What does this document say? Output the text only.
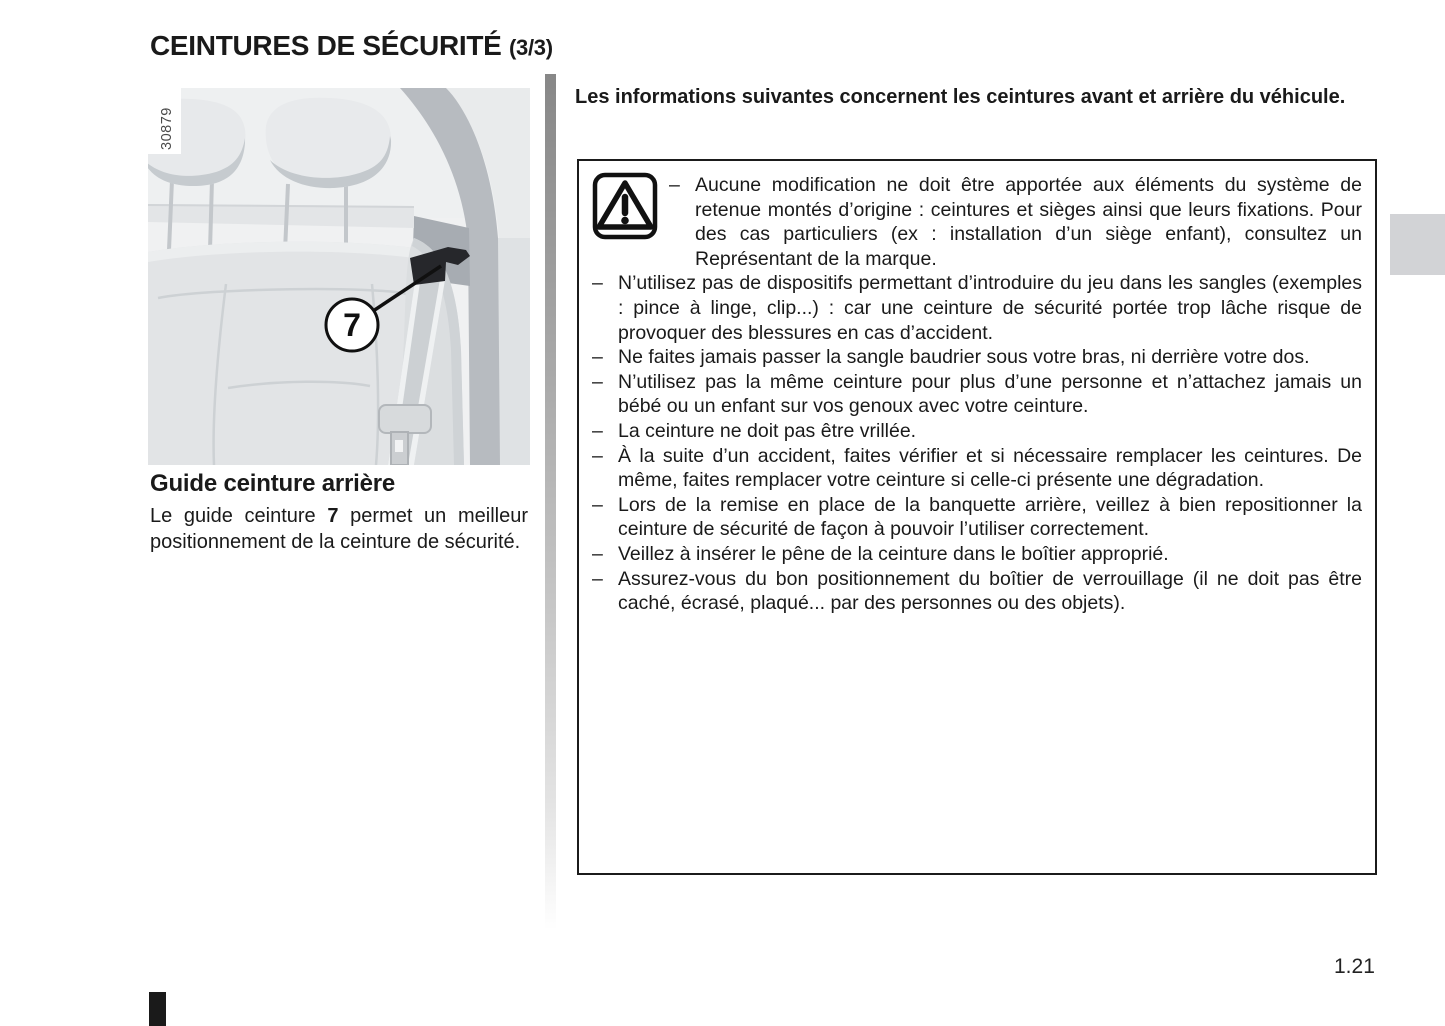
CEINTURES DE SÉCURITÉ (3/3)
7
30879
Guide ceinture arrière

Le guide ceinture 7 permet un meilleur positionnement de la ceinture de sécurité.

Les informations suivantes concernent les ceintures avant et arrière du véhicule.

– Aucune modification ne doit être apportée aux éléments du système de retenue montés d’origine : ceintures et sièges ainsi que leurs fixations. Pour des cas particuliers (ex : installation d’un siège enfant), consultez un Représentant de la marque.

– N’utilisez pas de dispositifs permettant d’introduire du jeu dans les sangles (exemples : pince à linge, clip...) : car une ceinture de sécurité portée trop lâche risque de provoquer des blessures en cas d’accident.

– Ne faites jamais passer la sangle baudrier sous votre bras, ni derrière votre dos.

– N’utilisez pas la même ceinture pour plus d’une personne et n’attachez jamais un bébé ou un enfant sur vos genoux avec votre ceinture.

– La ceinture ne doit pas être vrillée.

– À la suite d’un accident, faites vérifier et si nécessaire remplacer les ceintures. De même, faites remplacer votre ceinture si celle-ci présente une dégradation.

– Lors de la remise en place de la banquette arrière, veillez à bien repositionner la ceinture de sécurité de façon à pouvoir l’utiliser correctement.

– Veillez à insérer le pêne de la ceinture dans le boîtier approprié.

– Assurez-vous du bon positionnement du boîtier de verrouillage (il ne doit pas être caché, écrasé, plaqué... par des personnes ou des objets).

1.21
